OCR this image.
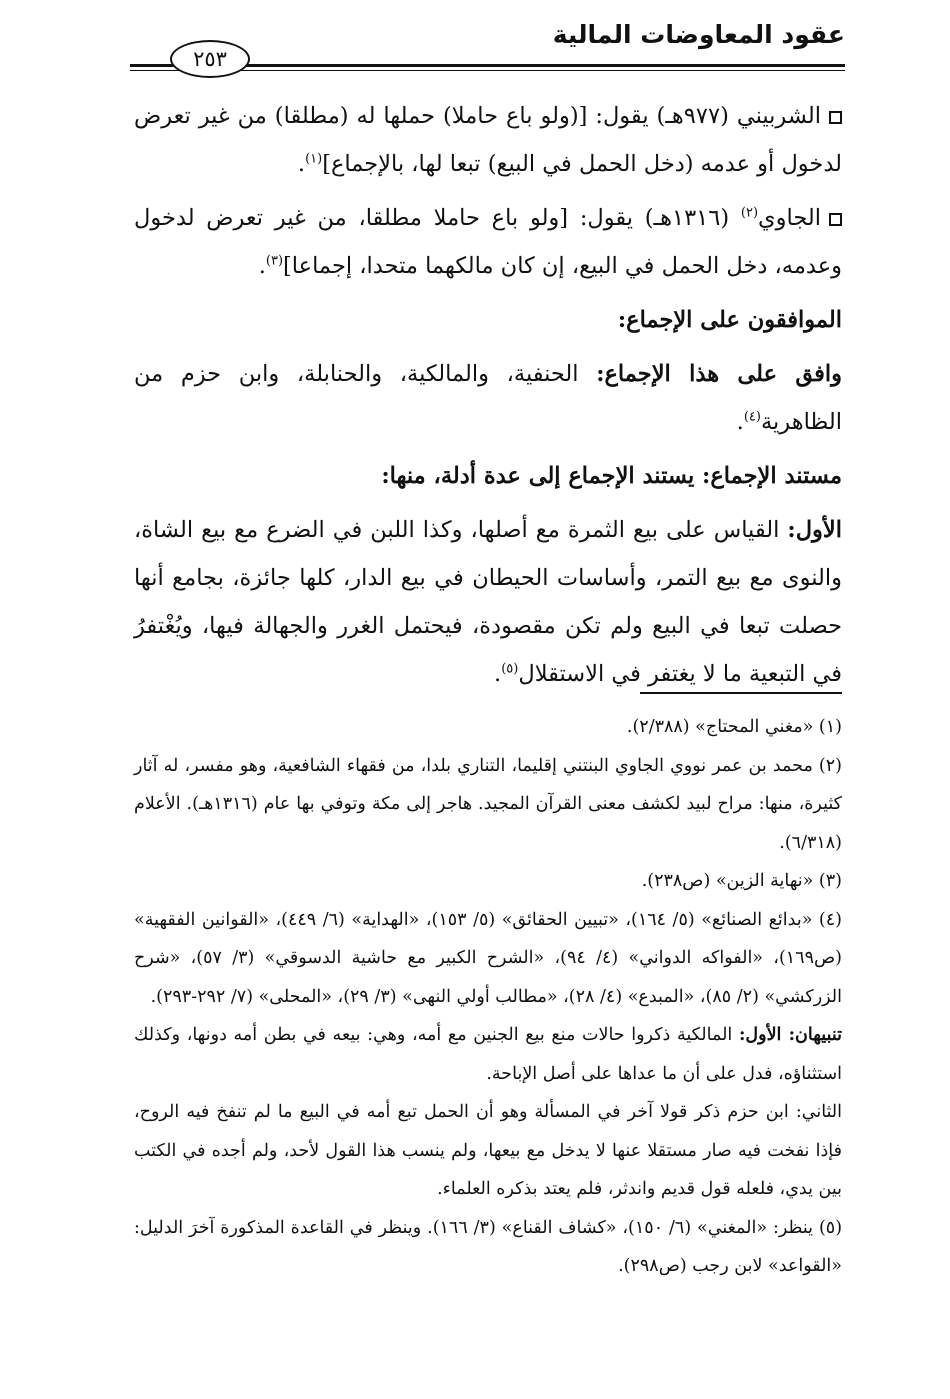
عقود المعاوضات المالية
٢٥٣

الشربيني (٩٧٧هـ) يقول: [(ولو باع حاملا) حملها له (مطلقا) من غير تعرض لدخول أو عدمه (دخل الحمل في البيع) تبعا لها، بالإجماع]$^{(١)}$.

الجاوي$^{(٢)}$ (١٣١٦هـ) يقول: [ولو باع حاملا مطلقا، من غير تعرض لدخول وعدمه، دخل الحمل في البيع، إن كان مالكهما متحدا، إجماعا]$^{(٣)}$.

الموافقون على الإجماع:

وافق على هذا الإجماع: الحنفية، والمالكية، والحنابلة، وابن حزم من الظاهرية$^{(٤)}$.

مستند الإجماع: يستند الإجماع إلى عدة أدلة، منها:

الأول: القياس على بيع الثمرة مع أصلها، وكذا اللبن في الضرع مع بيع الشاة، والنوى مع بيع التمر، وأساسات الحيطان في بيع الدار، كلها جائزة، بجامع أنها حصلت تبعا في البيع ولم تكن مقصودة، فيحتمل الغرر والجهالة فيها، ويُغْتفرُ في التبعية ما لا يغتفر في الاستقلال$^{(٥)}$.

(١) «مغني المحتاج» (٢/٣٨٨).

(٢) محمد بن عمر نووي الجاوي البنتني إقليما، التناري بلدا، من فقهاء الشافعية، وهو مفسر، له آثار كثيرة، منها: مراح لبيد لكشف معنى القرآن المجيد. هاجر إلى مكة وتوفي بها عام (١٣١٦هـ). الأعلام (٦/٣١٨).

(٣) «نهاية الزين» (ص٢٣٨).

(٤) «بدائع الصنائع» (٥/ ١٦٤)، «تبيين الحقائق» (٥/ ١٥٣)، «الهداية» (٦/ ٤٤٩)، «القوانين الفقهية» (ص١٦٩)، «الفواكه الدواني» (٤/ ٩٤)، «الشرح الكبير مع حاشية الدسوقي» (٣/ ٥٧)، «شرح الزركشي» (٢/ ٨٥)، «المبدع» (٤/ ٢٨)، «مطالب أولي النهى» (٣/ ٢٩)، «المحلى» (٧/ ٢٩٢-٢٩٣).

تنبيهان: الأول: المالكية ذكروا حالات منع بيع الجنين مع أمه، وهي: بيعه في بطن أمه دونها، وكذلك استثناؤه، فدل على أن ما عداها على أصل الإباحة.

الثاني: ابن حزم ذكر قولا آخر في المسألة وهو أن الحمل تبع أمه في البيع ما لم تنفخ فيه الروح، فإذا نفخت فيه صار مستقلا عنها لا يدخل مع بيعها، ولم ينسب هذا القول لأحد، ولم أجده في الكتب بين يدي، فلعله قول قديم واندثر، فلم يعتد بذكره العلماء.

(٥) ينظر: «المغني» (٦/ ١٥٠)، «كشاف القناع» (٣/ ١٦٦). وينظر في القاعدة المذكورة آخرَ الدليل: «القواعد» لابن رجب (ص٢٩٨).
